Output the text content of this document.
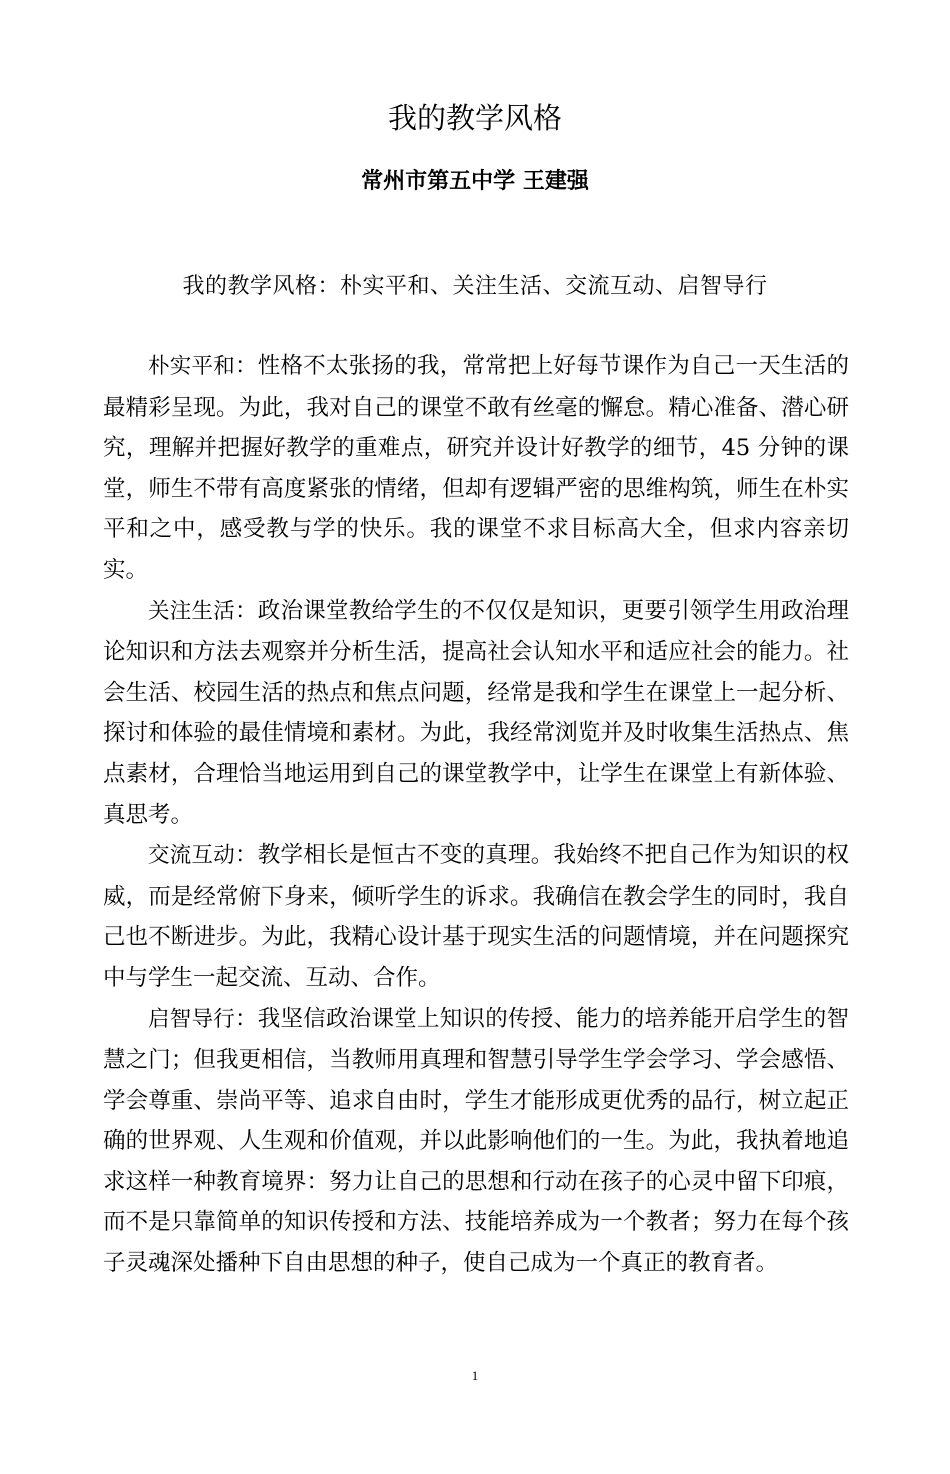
我的教学风格
常州市第五中学 王建强
我的教学风格：朴实平和、关注生活、交流互动、启智导行

朴实平和：性格不太张扬的我，常常把上好每节课作为自己一天生活的最精彩呈现。为此，我对自己的课堂不敢有丝毫的懈怠。精心准备、潜心研究，理解并把握好教学的重难点，研究并设计好教学的细节，45 分钟的课堂，师生不带有高度紧张的情绪，但却有逻辑严密的思维构筑，师生在朴实平和之中，感受教与学的快乐。我的课堂不求目标高大全，但求内容亲切实。

关注生活：政治课堂教给学生的不仅仅是知识，更要引领学生用政治理论知识和方法去观察并分析生活，提高社会认知水平和适应社会的能力。社会生活、校园生活的热点和焦点问题，经常是我和学生在课堂上一起分析、探讨和体验的最佳情境和素材。为此，我经常浏览并及时收集生活热点、焦点素材，合理恰当地运用到自己的课堂教学中，让学生在课堂上有新体验、真思考。

交流互动：教学相长是恒古不变的真理。我始终不把自己作为知识的权威，而是经常俯下身来，倾听学生的诉求。我确信在教会学生的同时，我自己也不断进步。为此，我精心设计基于现实生活的问题情境，并在问题探究中与学生一起交流、互动、合作。

启智导行：我坚信政治课堂上知识的传授、能力的培养能开启学生的智慧之门；但我更相信，当教师用真理和智慧引导学生学会学习、学会感悟、学会尊重、崇尚平等、追求自由时，学生才能形成更优秀的品行，树立起正确的世界观、人生观和价值观，并以此影响他们的一生。为此，我执着地追求这样一种教育境界：努力让自己的思想和行动在孩子的心灵中留下印痕，而不是只靠简单的知识传授和方法、技能培养成为一个教者；努力在每个孩子灵魂深处播种下自由思想的种子，使自己成为一个真正的教育者。

1
